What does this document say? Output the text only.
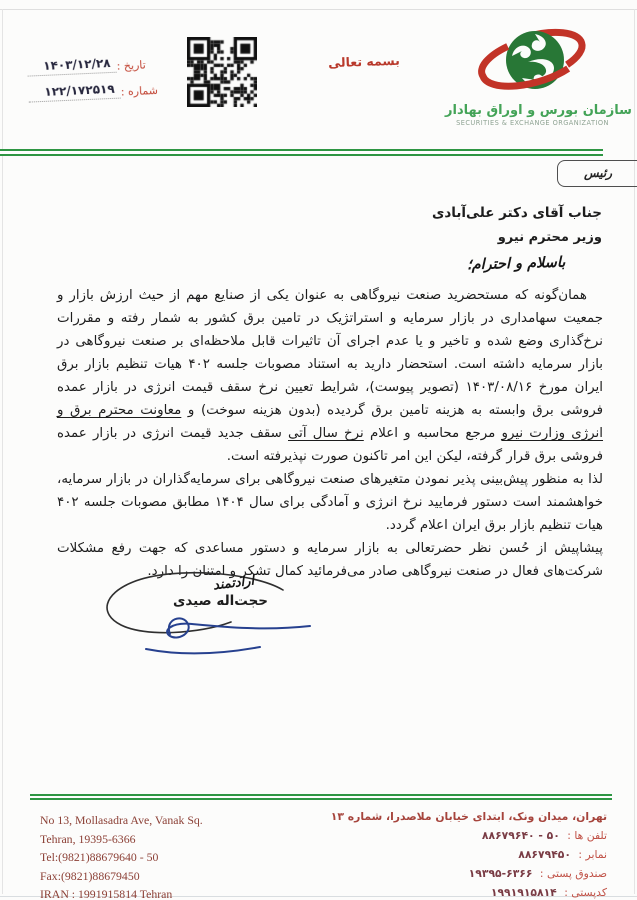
سازمان بورس و اوراق بهادار
SECURITIES & EXCHANGE ORGANIZATION
بسمه تعالی
تاریخ :
۱۴۰۳/۱۲/۲۸
شماره :
۱۲۲/۱۷۲۵۱۹
رئیس
جناب آقای دکتر علی‌آبادی
وزیر محترم نیرو
باسلام و احترام؛

همان‌گونه که مستحضرید صنعت نیروگاهی به عنوان یکی از صنایع مهم از حیث ارزش بازار و جمعیت سهامداری در بازار سرمایه و استراتژیک در تامین برق کشور به شمار رفته و مقررات نرخ‌گذاری وضع شده و تاخیر و یا عدم اجرای آن تاثیرات قابل ملاحظه‌ای بر صنعت نیروگاهی در بازار سرمایه داشته است. استحضار دارید به استناد مصوبات جلسه ۴۰۲ هیات تنظیم بازار برق ایران مورخ ۱۴۰۳/۰۸/۱۶ (تصویر پیوست)، شرایط تعیین نرخ سقف قیمت انرژی در بازار عمده فروشی برق وابسته به هزینه تامین برق گردیده (بدون هزینه سوخت) و معاونت محترم برق و انرژی وزارت نیرو مرجع محاسبه و اعلام نرخ سال آتی سقف جدید قیمت انرژی در بازار عمده فروشی برق قرار گرفته، لیکن این امر تاکنون صورت نپذیرفته است.

لذا به منظور پیش‌بینی پذیر نمودن متغیرهای صنعت نیروگاهی برای سرمایه‌گذاران در بازار سرمایه، خواهشمند است دستور فرمایید نرخ انرژی و آمادگی برای سال ۱۴۰۴ مطابق مصوبات جلسه ۴۰۲ هیات تنظیم بازار برق ایران اعلام گردد.

پیشاپیش از حُسن نظر حضرتعالی به بازار سرمایه و دستور مساعدی که جهت رفع مشکلات شرکت‌های فعال در صنعت نیروگاهی صادر می‌فرمائید کمال تشکر و امتنان را دارد.

ارادتمند
حجت‌اله صیدی
No 13, Mollasadra Ave, Vanak Sq.
Tehran, 19395-6366
Tel:(9821)88679640 - 50
Fax:(9821)88679450
IRAN : 1991915814 Tehran
تهران، میدان ونک، ابتدای خیابان ملاصدرا، شماره ۱۳
تلفن ها : ۸۸۶۷۹۶۴۰ - ۵۰
نمابر : ۸۸۶۷۹۴۵۰
صندوق پستی : ۱۹۳۹۵-۶۳۶۶
کدپستی : ۱۹۹۱۹۱۵۸۱۴
